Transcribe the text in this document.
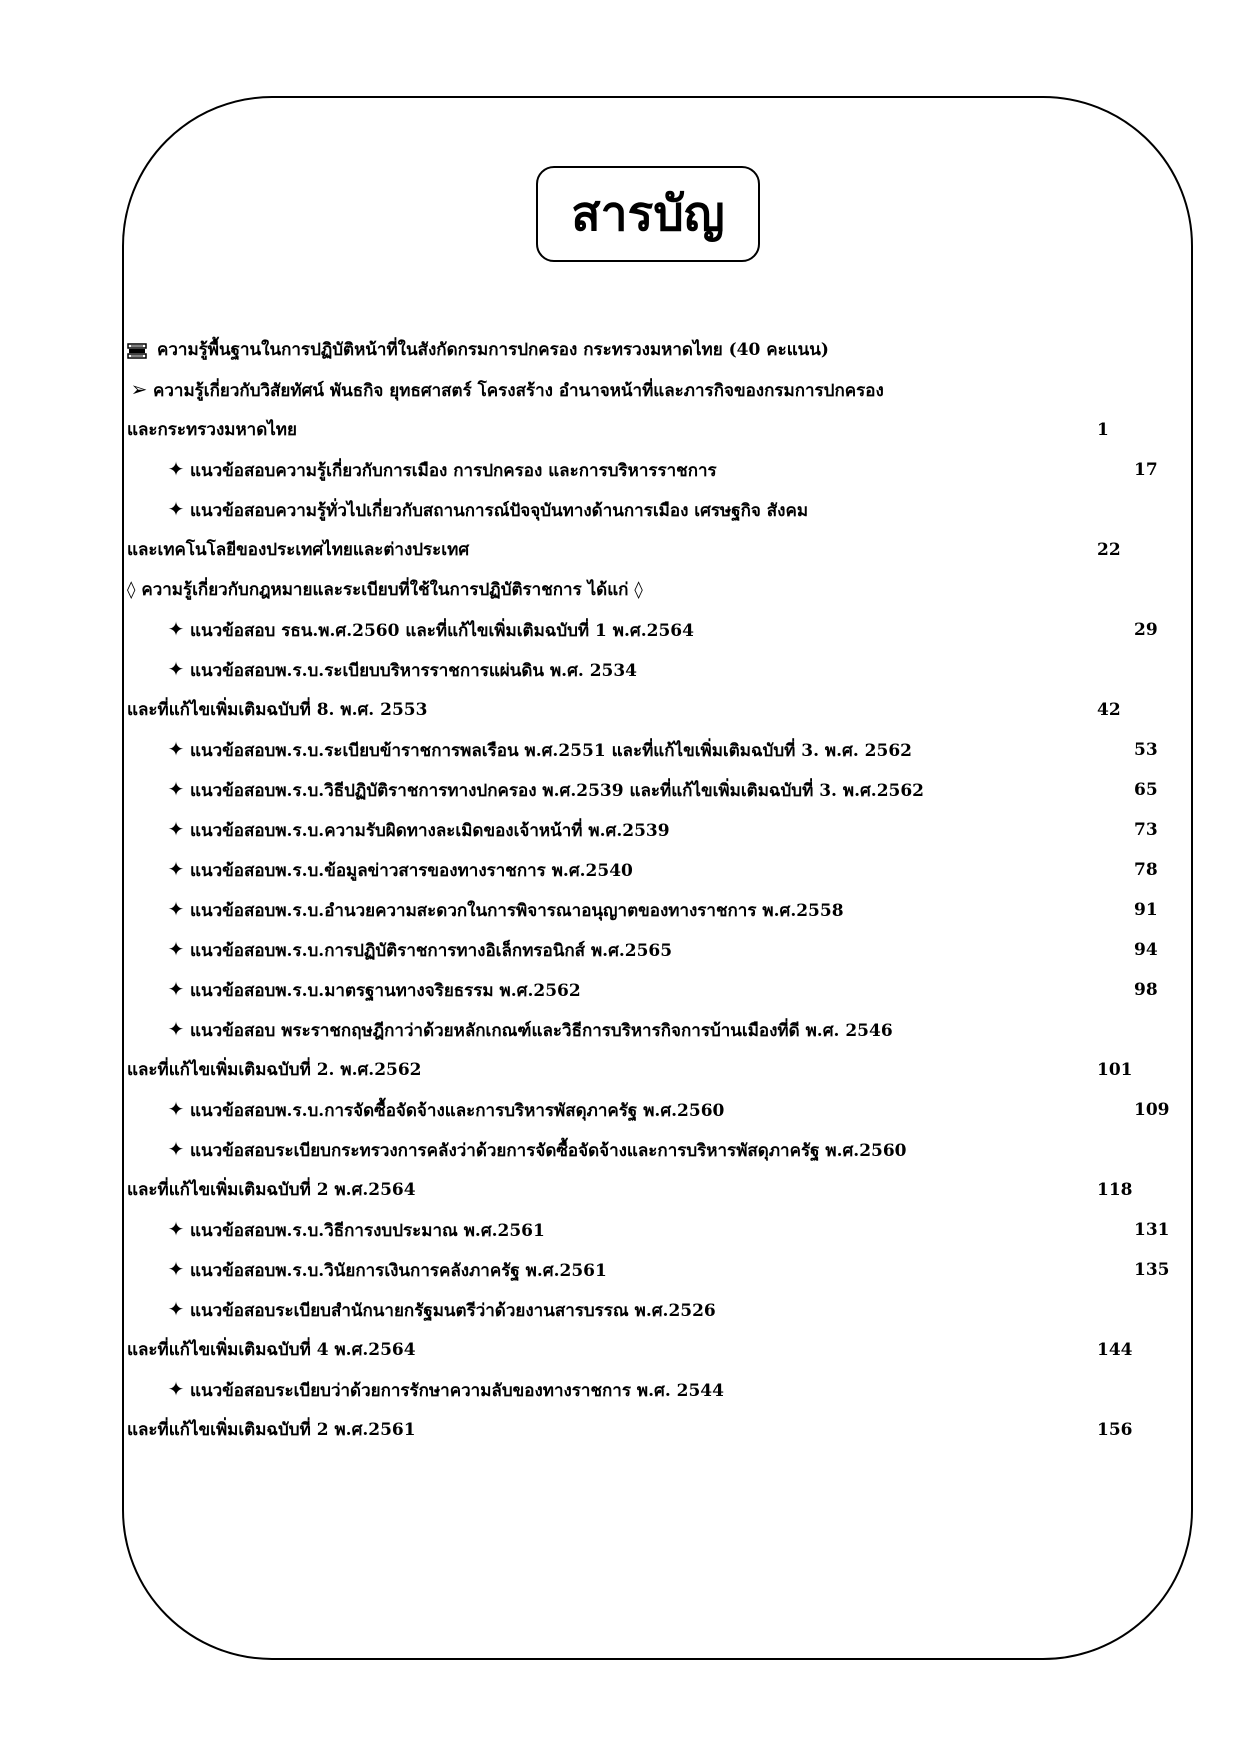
สารบัญ
ความรู้พื้นฐานในการปฏิบัติหน้าที่ในสังกัดกรมการปกครอง กระทรวงมหาดไทย (40 คะแนน)
➢ ความรู้เกี่ยวกับวิสัยทัศน์ พันธกิจ ยุทธศาสตร์ โครงสร้าง อำนาจหน้าที่และภารกิจของกรมการปกครอง
และกระทรวงมหาดไทย	1
✦ แนวข้อสอบความรู้เกี่ยวกับการเมือง การปกครอง และการบริหารราชการ	17
✦ แนวข้อสอบความรู้ทั่วไปเกี่ยวกับสถานการณ์ปัจจุบันทางด้านการเมือง เศรษฐกิจ สังคม
และเทคโนโลยีของประเทศไทยและต่างประเทศ	22
◊ ความรู้เกี่ยวกับกฎหมายและระเบียบที่ใช้ในการปฏิบัติราชการ ได้แก่ ◊
✦ แนวข้อสอบ รธน.พ.ศ.2560 และที่แก้ไขเพิ่มเติมฉบับที่ 1 พ.ศ.2564	29
✦ แนวข้อสอบพ.ร.บ.ระเบียบบริหารราชการแผ่นดิน พ.ศ. 2534
และที่แก้ไขเพิ่มเติมฉบับที่ 8. พ.ศ. 2553	42
✦ แนวข้อสอบพ.ร.บ.ระเบียบข้าราชการพลเรือน พ.ศ.2551 และที่แก้ไขเพิ่มเติมฉบับที่ 3. พ.ศ. 2562	53
✦ แนวข้อสอบพ.ร.บ.วิธีปฏิบัติราชการทางปกครอง พ.ศ.2539 และที่แก้ไขเพิ่มเติมฉบับที่ 3. พ.ศ.2562	65
✦ แนวข้อสอบพ.ร.บ.ความรับผิดทางละเมิดของเจ้าหน้าที่ พ.ศ.2539	73
✦ แนวข้อสอบพ.ร.บ.ข้อมูลข่าวสารของทางราชการ พ.ศ.2540	78
✦ แนวข้อสอบพ.ร.บ.อำนวยความสะดวกในการพิจารณาอนุญาตของทางราชการ พ.ศ.2558	91
✦ แนวข้อสอบพ.ร.บ.การปฏิบัติราชการทางอิเล็กทรอนิกส์ พ.ศ.2565	94
✦ แนวข้อสอบพ.ร.บ.มาตรฐานทางจริยธรรม พ.ศ.2562	98
✦ แนวข้อสอบ พระราชกฤษฎีกาว่าด้วยหลักเกณฑ์และวิธีการบริหารกิจการบ้านเมืองที่ดี พ.ศ. 2546
และที่แก้ไขเพิ่มเติมฉบับที่ 2. พ.ศ.2562	101
✦ แนวข้อสอบพ.ร.บ.การจัดซื้อจัดจ้างและการบริหารพัสดุภาครัฐ พ.ศ.2560	109
✦ แนวข้อสอบระเบียบกระทรวงการคลังว่าด้วยการจัดซื้อจัดจ้างและการบริหารพัสดุภาครัฐ พ.ศ.2560
และที่แก้ไขเพิ่มเติมฉบับที่ 2 พ.ศ.2564	118
✦ แนวข้อสอบพ.ร.บ.วิธีการงบประมาณ พ.ศ.2561	131
✦ แนวข้อสอบพ.ร.บ.วินัยการเงินการคลังภาครัฐ พ.ศ.2561	135
✦ แนวข้อสอบระเบียบสำนักนายกรัฐมนตรีว่าด้วยงานสารบรรณ พ.ศ.2526
และที่แก้ไขเพิ่มเติมฉบับที่ 4 พ.ศ.2564	144
✦ แนวข้อสอบระเบียบว่าด้วยการรักษาความลับของทางราชการ พ.ศ. 2544
และที่แก้ไขเพิ่มเติมฉบับที่ 2 พ.ศ.2561	156
